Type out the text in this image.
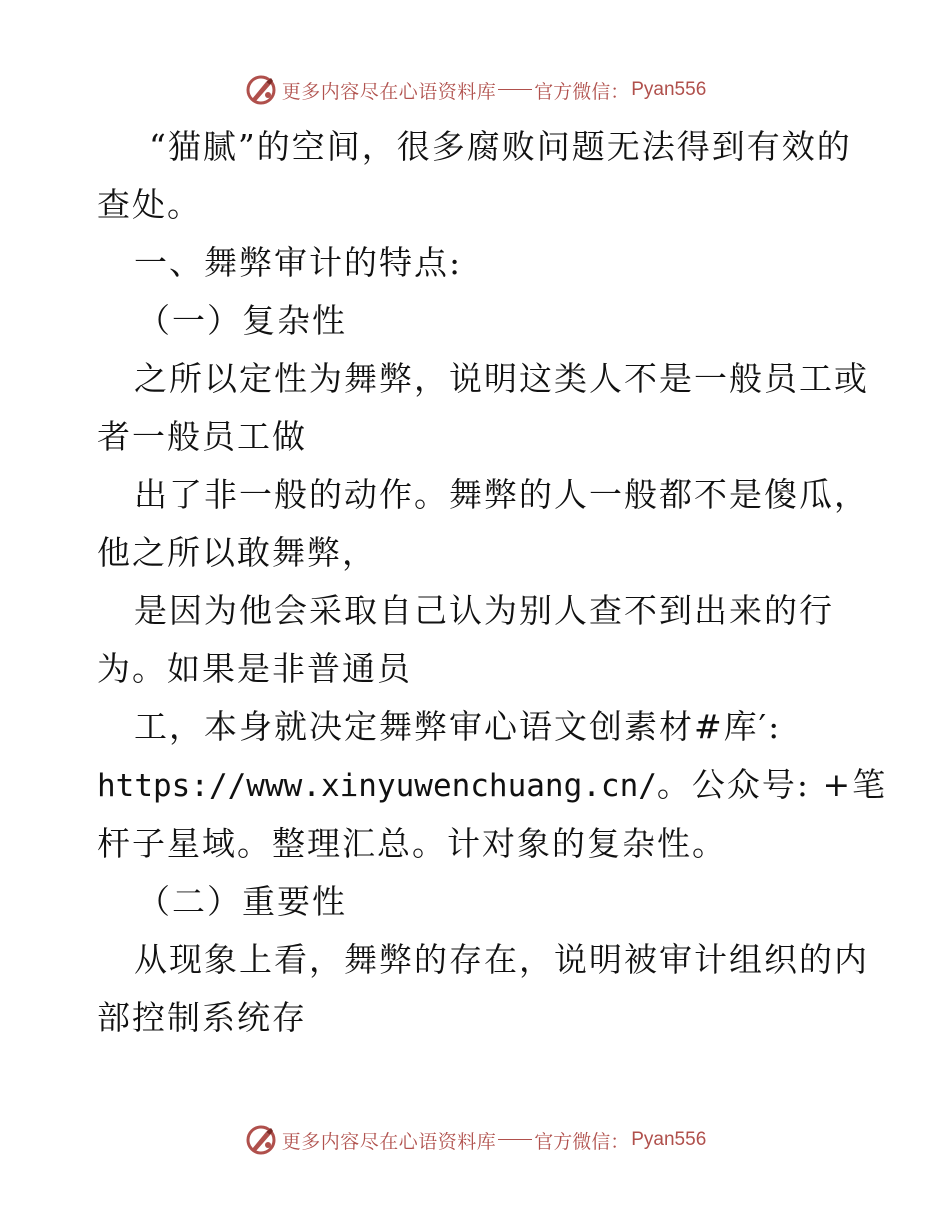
更多内容尽在心语资料库 官方微信： Pyan556

“猫腻”的空间，很多腐败问题无法得到有效的

查处。

一、舞弊审计的特点:

（一）复杂性

之所以定性为舞弊，说明这类人不是一般员工或

者一般员工做

出了非一般的动作。舞弊的人一般都不是傻瓜，

他之所以敢舞弊，

是因为他会采取自己认为别人查不到出来的行

为。如果是非普通员

工，本身就决定舞弊审心语文创素材#库′:

https://www.xinyuwenchuang.cn/。公众号: +笔

杆子星域。整理汇总。计对象的复杂性。

（二）重要性

从现象上看，舞弊的存在，说明被审计组织的内

部控制系统存

更多内容尽在心语资料库 官方微信： Pyan556
